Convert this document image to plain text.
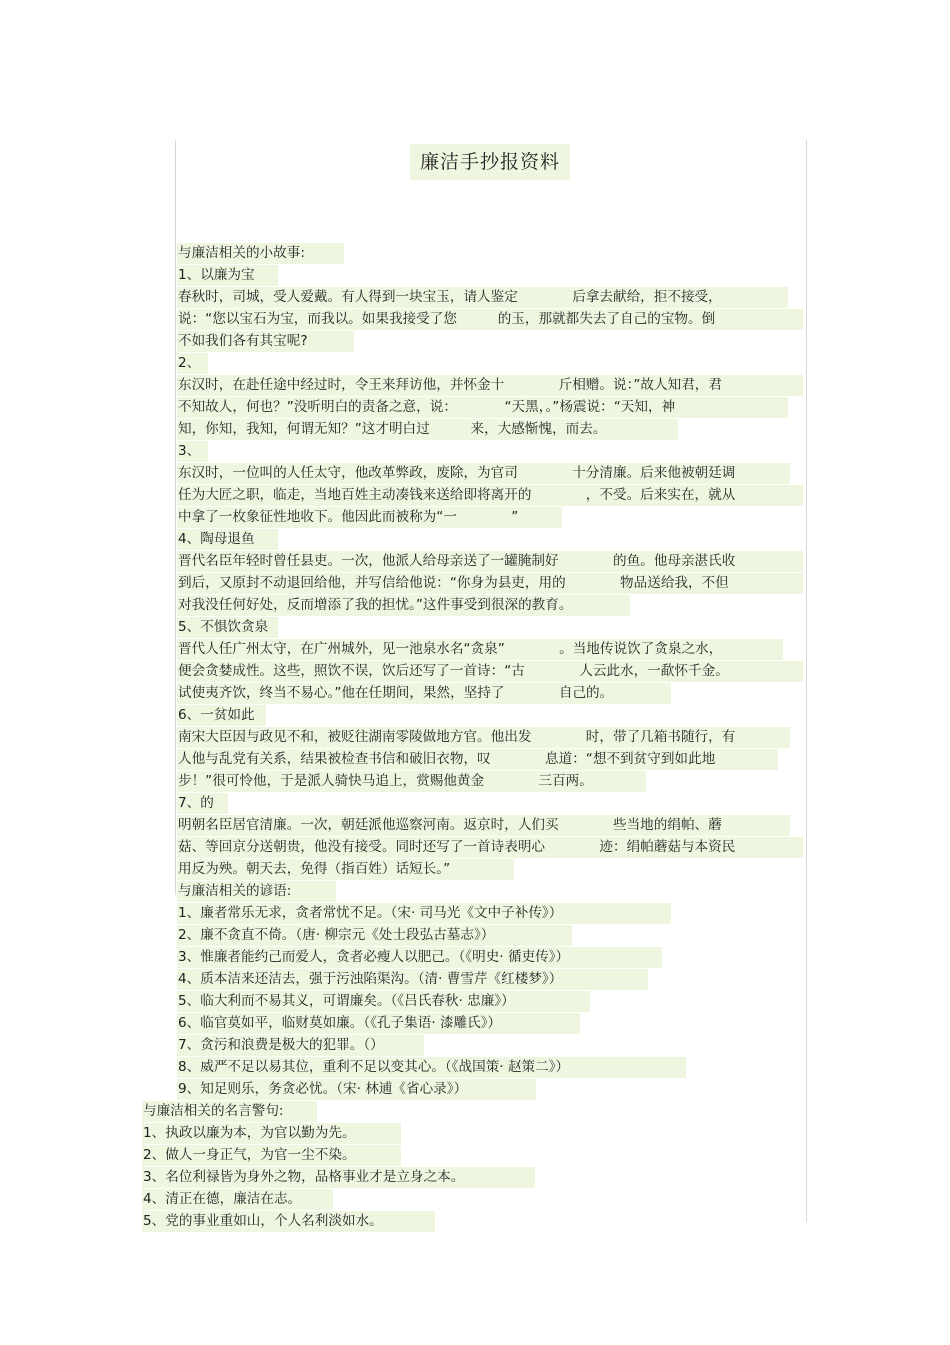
廉洁手抄报资料
与廉洁相关的小故事:
1、以廉为宝
春秋时，司城，受人爱戴。有人得到一块宝玉，请人鉴定　　　　后拿去献给，拒不接受，
说：“您以宝石为宝，而我以。如果我接受了您　　　的玉，那就都失去了自己的宝物。倒
不如我们各有其宝呢?
2、
东汉时，在赴任途中经过时，令王来拜访他，并怀金十　　　　斤相赠。说：”故人知君，君
不知故人，何也？”没听明白的责备之意，说：　　　　“天黑，。”杨震说：“天知，神
知，你知，我知，何谓无知？”这才明白过　　　来，大感惭愧，而去。
3、
东汉时，一位叫的人任太守，他改革弊政，废除，为官司　　　　十分清廉。后来他被朝廷调
任为大匠之职，临走，当地百姓主动凑钱来送给即将离开的　　　　，不受。后来实在，就从
中拿了一枚象征性地收下。他因此而被称为“一　　　　”
4、陶母退鱼
晋代名臣年轻时曾任县吏。一次，他派人给母亲送了一罐腌制好　　　　的鱼。他母亲湛氏收
到后，又原封不动退回给他，并写信给他说：“你身为县吏，用的　　　　物品送给我，不但
对我没任何好处，反而增添了我的担忧。”这件事受到很深的教育。
5、不惧饮贪泉
晋代人任广州太守，在广州城外，见一池泉水名“贪泉”　　　　。当地传说饮了贪泉之水，
便会贪婪成性。这些，照饮不误，饮后还写了一首诗：“古　　　　人云此水，一歃怀千金。
试使夷齐饮，终当不易心。”他在任期间，果然，坚持了　　　　自己的。
6、一贫如此
南宋大臣因与政见不和，被贬往湖南零陵做地方官。他出发　　　　时，带了几箱书随行，有
人他与乱党有关系，结果被检查书信和破旧衣物，叹　　　　息道：“想不到贫守到如此地
步！”很可怜他，于是派人骑快马追上，赏赐他黄金　　　　三百两。
7、的
明朝名臣居官清廉。一次，朝廷派他巡察河南。返京时，人们买　　　　些当地的绢帕、蘑
菇、等回京分送朝贵，他没有接受。同时还写了一首诗表明心　　　　迹：绢帕蘑菇与本资民
用反为殃。朝天去，免得（指百姓）话短长。”
与廉洁相关的谚语:
1、廉者常乐无求，贪者常忧不足。（宋· 司马光《文中子补传》）
2、廉不贪直不倚。（唐· 柳宗元《处士段弘古墓志》）
3、惟廉者能约己而爱人，贪者必瘦人以肥己。（《明史· 循吏传》）
4、质本洁来还洁去，强于污浊陷渠沟。（清· 曹雪芹《红楼梦》）
5、临大利而不易其义，可谓廉矣。（《吕氏春秋· 忠廉》）
6、临官莫如平，临财莫如廉。（《孔子集语· 漆雕氏》）
7、贪污和浪费是极大的犯罪。（）
8、威严不足以易其位，重利不足以变其心。（《战国策· 赵策二》）
9、知足则乐，务贪必忧。（宋· 林逋《省心录》）
与廉洁相关的名言警句:
1、执政以廉为本，为官以勤为先。
2、做人一身正气，为官一尘不染。
3、名位利禄皆为身外之物，品格事业才是立身之本。
4、清正在德，廉洁在志。
5、党的事业重如山，个人名利淡如水。
